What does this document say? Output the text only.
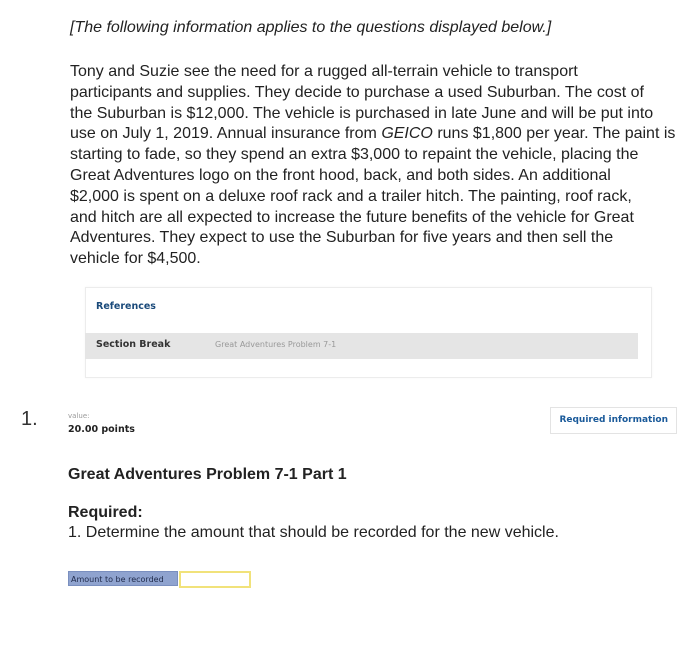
[The following information applies to the questions displayed below.]
Tony and Suzie see the need for a rugged all-terrain vehicle to transport
participants and supplies. They decide to purchase a used Suburban. The cost of
the Suburban is $12,000. The vehicle is purchased in late June and will be put into
use on July 1, 2019. Annual insurance from GEICO runs $1,800 per year. The paint is
starting to fade, so they spend an extra $3,000 to repaint the vehicle, placing the
Great Adventures logo on the front hood, back, and both sides. An additional
$2,000 is spent on a deluxe roof rack and a trailer hitch. The painting, roof rack,
and hitch are all expected to increase the future benefits of the vehicle for Great
Adventures. They expect to use the Suburban for five years and then sell the
vehicle for $4,500.
References
Section Break	Great Adventures Problem 7-1
1.	value:
20.00 points
Required information
Great Adventures Problem 7-1 Part 1
Required:
1. Determine the amount that should be recorded for the new vehicle.
Amount to be recorded
